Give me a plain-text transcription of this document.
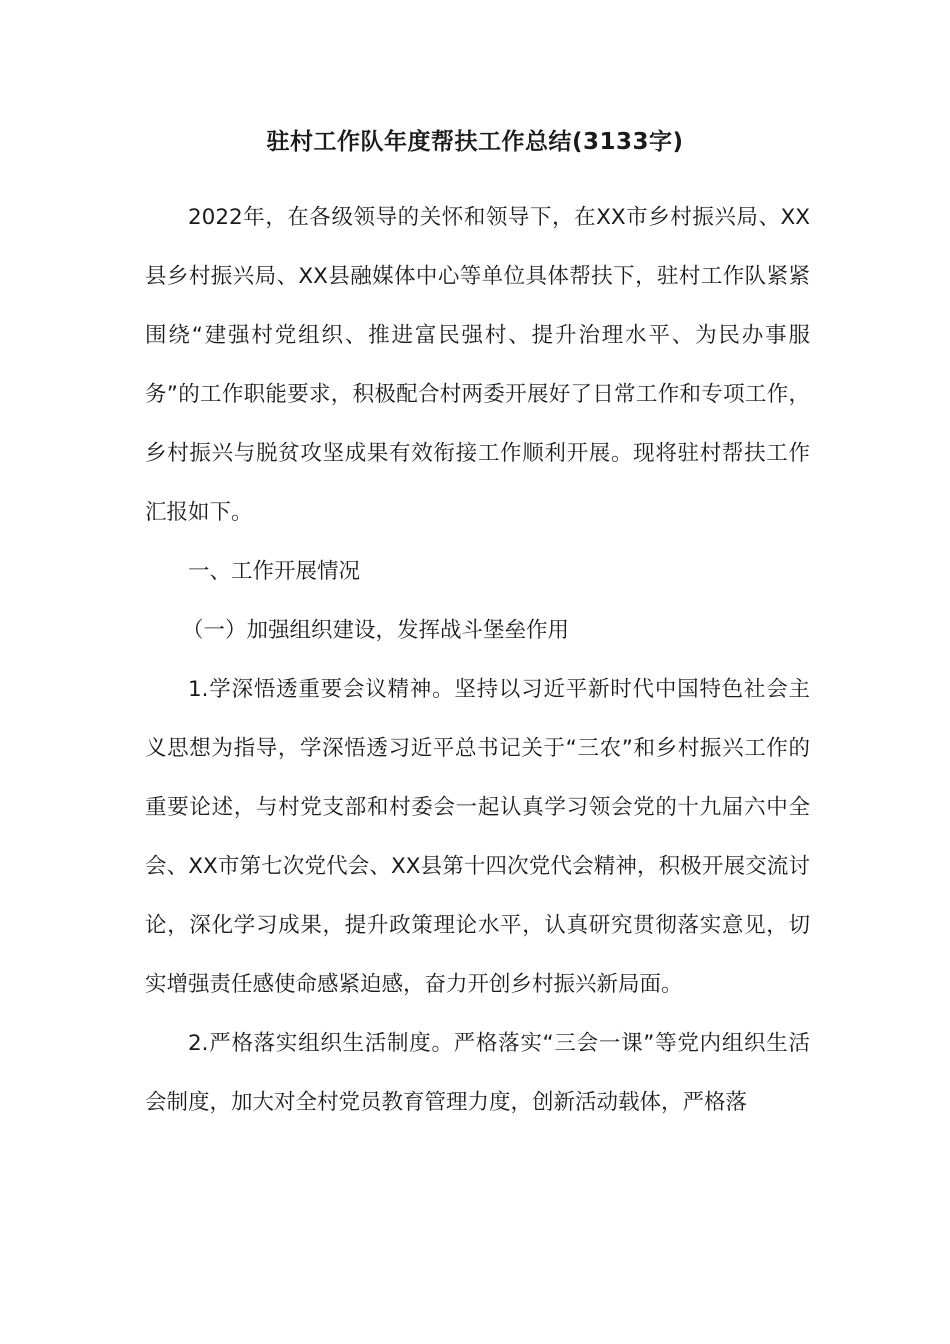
驻村工作队年度帮扶工作总结(3133字)

2022年，在各级领导的关怀和领导下，在XX市乡村振兴局、XX县乡村振兴局、XX县融媒体中心等单位具体帮扶下，驻村工作队紧紧围绕“建强村党组织、推进富民强村、提升治理水平、为民办事服务”的工作职能要求，积极配合村两委开展好了日常工作和专项工作，乡村振兴与脱贫攻坚成果有效衔接工作顺利开展。现将驻村帮扶工作汇报如下。

一、工作开展情况

（一）加强组织建设，发挥战斗堡垒作用

1.学深悟透重要会议精神。坚持以习近平新时代中国特色社会主义思想为指导，学深悟透习近平总书记关于“三农”和乡村振兴工作的重要论述，与村党支部和村委会一起认真学习领会党的十九届六中全会、XX市第七次党代会、XX县第十四次党代会精神，积极开展交流讨论，深化学习成果，提升政策理论水平，认真研究贯彻落实意见，切实增强责任感使命感紧迫感，奋力开创乡村振兴新局面。

2.严格落实组织生活制度。严格落实“三会一课”等党内组织生活会制度，加大对全村党员教育管理力度，创新活动载体，严格落
